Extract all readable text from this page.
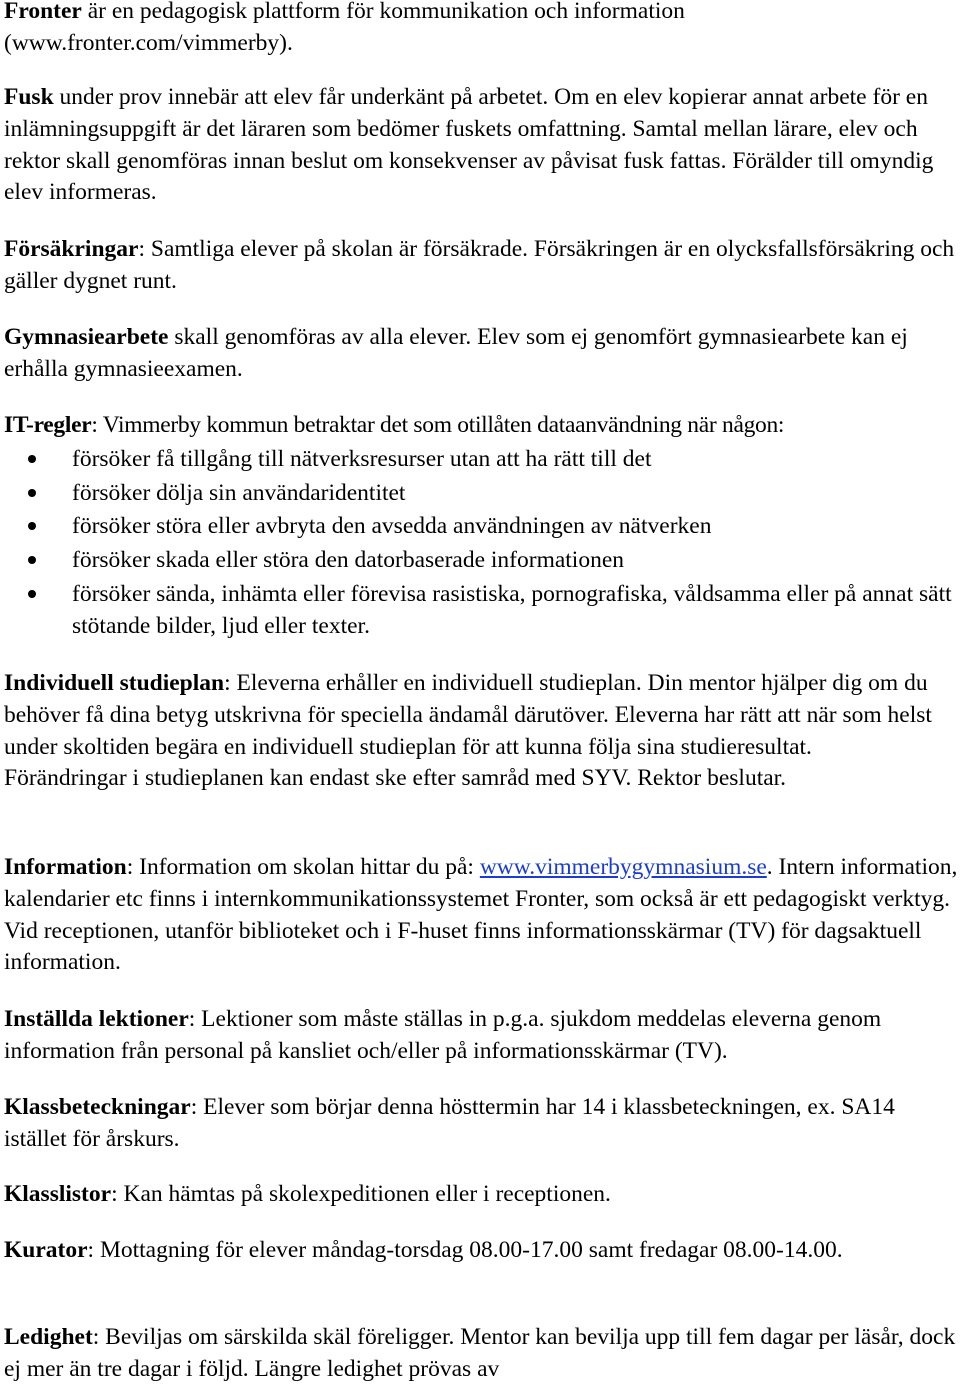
Fronter är en pedagogisk plattform för kommunikation och information (www.fronter.com/vimmerby).

Fusk under prov innebär att elev får underkänt på arbetet. Om en elev kopierar annat arbete för en inlämningsuppgift är det läraren som bedömer fuskets omfattning. Samtal mellan lärare, elev och rektor skall genomföras innan beslut om konsekvenser av påvisat fusk fattas. Förälder till omyndig elev informeras.

Försäkringar: Samtliga elever på skolan är försäkrade. Försäkringen är en olycksfallsförsäkring och gäller dygnet runt.

Gymnasiearbete skall genomföras av alla elever. Elev som ej genomfört gymnasiearbete kan ej erhålla gymnasieexamen.

IT-regler: Vimmerby kommun betraktar det som otillåten dataanvändning när någon:

försöker få tillgång till nätverksresurser utan att ha rätt till det
försöker dölja sin användaridentitet
försöker störa eller avbryta den avsedda användningen av nätverken
försöker skada eller störa den datorbaserade informationen
försöker sända, inhämta eller förevisa rasistiska, pornografiska, våldsamma eller på annat sätt stötande bilder, ljud eller texter.

Individuell studieplan: Eleverna erhåller en individuell studieplan. Din mentor hjälper dig om du behöver få dina betyg utskrivna för speciella ändamål därutöver. Eleverna har rätt att när som helst under skoltiden begära en individuell studieplan för att kunna följa sina studieresultat.

Förändringar i studieplanen kan endast ske efter samråd med SYV. Rektor beslutar.

Information: Information om skolan hittar du på: www.vimmerbygymnasium.se. Intern information, kalendarier etc finns i internkommunikationssystemet Fronter, som också är ett pedagogiskt verktyg. Vid receptionen, utanför biblioteket och i F-huset finns informationsskärmar (TV) för dagsaktuell information.

Inställda lektioner: Lektioner som måste ställas in p.g.a. sjukdom meddelas eleverna genom information från personal på kansliet och/eller på informationsskärmar (TV).

Klassbeteckningar: Elever som börjar denna hösttermin har 14 i klassbeteckningen, ex. SA14  istället för årskurs.

Klasslistor: Kan hämtas på skolexpeditionen eller i receptionen.

Kurator: Mottagning för elever måndag-torsdag 08.00-17.00 samt fredagar 08.00-14.00.

Ledighet: Beviljas om särskilda skäl föreligger. Mentor kan bevilja upp till fem dagar per läsår, dock ej mer än tre dagar i följd. Längre ledighet prövas av
